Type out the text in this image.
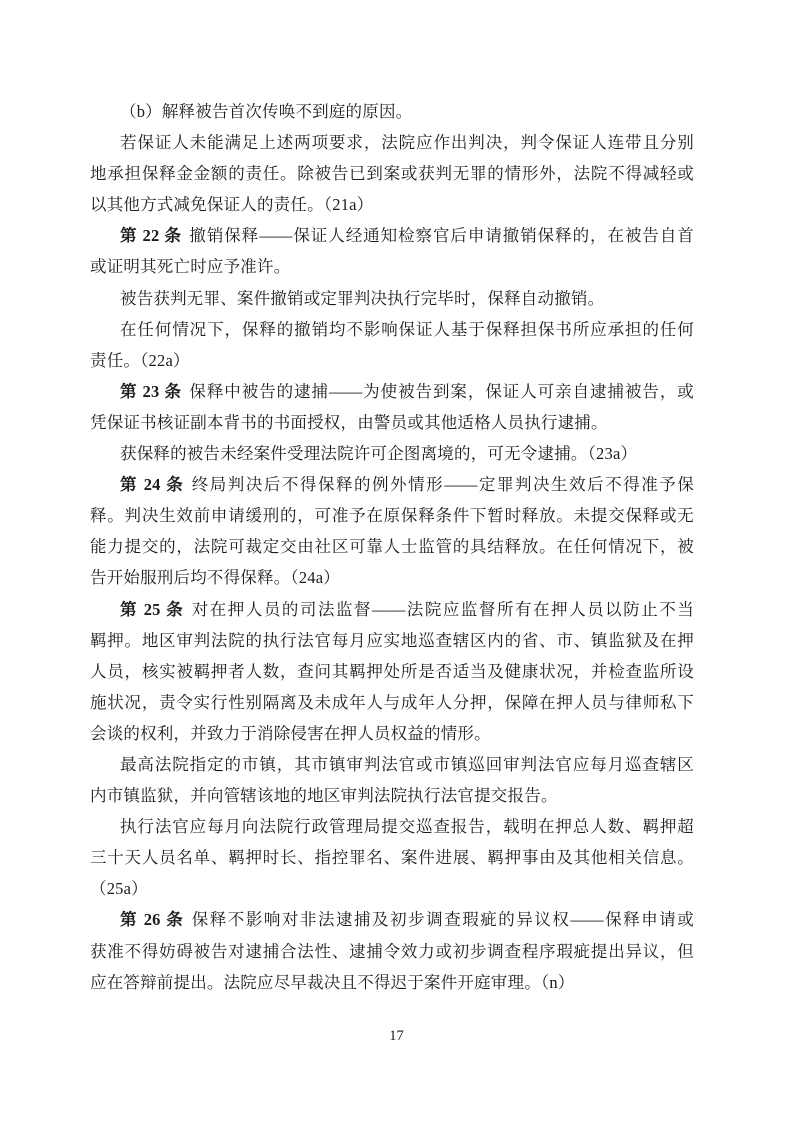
（b）解释被告首次传唤不到庭的原因。
若保证人未能满足上述两项要求，法院应作出判决，判令保证人连带且分别
地承担保释金金额的责任。除被告已到案或获判无罪的情形外，法院不得减轻或
以其他方式减免保证人的责任。（21a）
第 22 条 撤销保释——保证人经通知检察官后申请撤销保释的，在被告自首
或证明其死亡时应予准许。
被告获判无罪、案件撤销或定罪判决执行完毕时，保释自动撤销。
在任何情况下，保释的撤销均不影响保证人基于保释担保书所应承担的任何
责任。（22a）
第 23 条 保释中被告的逮捕——为使被告到案，保证人可亲自逮捕被告，或
凭保证书核证副本背书的书面授权，由警员或其他适格人员执行逮捕。
获保释的被告未经案件受理法院许可企图离境的，可无令逮捕。（23a）
第 24 条 终局判决后不得保释的例外情形——定罪判决生效后不得准予保
释。判决生效前申请缓刑的，可准予在原保释条件下暂时释放。未提交保释或无
能力提交的，法院可裁定交由社区可靠人士监管的具结释放。在任何情况下，被
告开始服刑后均不得保释。（24a）
第 25 条 对在押人员的司法监督——法院应监督所有在押人员以防止不当
羁押。地区审判法院的执行法官每月应实地巡查辖区内的省、市、镇监狱及在押
人员，核实被羁押者人数，查问其羁押处所是否适当及健康状况，并检查监所设
施状况，责令实行性别隔离及未成年人与成年人分押，保障在押人员与律师私下
会谈的权利，并致力于消除侵害在押人员权益的情形。
最高法院指定的市镇，其市镇审判法官或市镇巡回审判法官应每月巡查辖区
内市镇监狱，并向管辖该地的地区审判法院执行法官提交报告。
执行法官应每月向法院行政管理局提交巡查报告，载明在押总人数、羁押超
三十天人员名单、羁押时长、指控罪名、案件进展、羁押事由及其他相关信息。
（25a）
第 26 条 保释不影响对非法逮捕及初步调查瑕疵的异议权——保释申请或
获准不得妨碍被告对逮捕合法性、逮捕令效力或初步调查程序瑕疵提出异议，但
应在答辩前提出。法院应尽早裁决且不得迟于案件开庭审理。（n）
17
